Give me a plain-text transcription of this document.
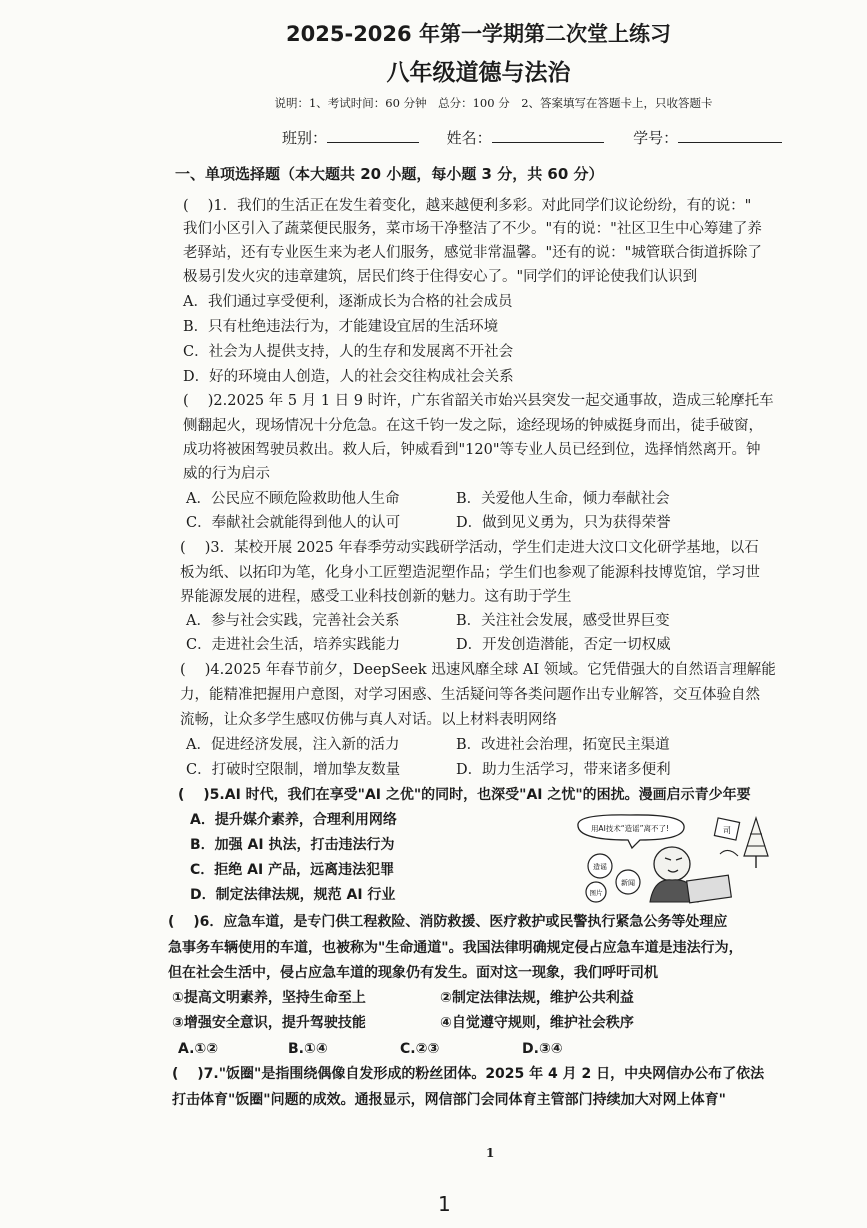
2025-2026 年第一学期第二次堂上练习
八年级道德与法治
说明：1、考试时间：60 分钟　总分：100 分　2、答案填写在答题卡上，只收答题卡
班别：	姓名：	学号：
一、单项选择题（本大题共 20 小题，每小题 3 分，共 60 分）
(　 )1．我们的生活正在发生着变化，越来越便利多彩。对此同学们议论纷纷，有的说："
我们小区引入了蔬菜便民服务，菜市场干净整洁了不少。"有的说："社区卫生中心筹建了养
老驿站，还有专业医生来为老人们服务，感觉非常温馨。"还有的说："城管联合街道拆除了
极易引发火灾的违章建筑，居民们终于住得安心了。"同学们的评论使我们认识到
A．我们通过享受便利，逐渐成长为合格的社会成员
B．只有杜绝违法行为，才能建设宜居的生活环境
C．社会为人提供支持，人的生存和发展离不开社会
D．好的环境由人创造，人的社会交往构成社会关系
(　 )2.2025 年 5 月 1 日 9 时许，广东省韶关市始兴县突发一起交通事故，造成三轮摩托车
侧翻起火，现场情况十分危急。在这千钧一发之际，途经现场的钟威挺身而出，徒手破窗，
成功将被困驾驶员救出。救人后，钟威看到"120"等专业人员已经到位，选择悄然离开。钟
威的行为启示
A．公民应不顾危险救助他人生命	B．关爱他人生命，倾力奉献社会
C．奉献社会就能得到他人的认可	D．做到见义勇为，只为获得荣誉
(　 )3．某校开展 2025 年春季劳动实践研学活动，学生们走进大汶口文化研学基地，以石
板为纸、以拓印为笔，化身小工匠塑造泥塑作品；学生们也参观了能源科技博览馆，学习世
界能源发展的进程，感受工业科技创新的魅力。这有助于学生
A．参与社会实践，完善社会关系	B．关注社会发展，感受世界巨变
C．走进社会生活，培养实践能力	D．开发创造潜能，否定一切权威
(　 )4.2025 年春节前夕，DeepSeek 迅速风靡全球 AI 领域。它凭借强大的自然语言理解能
力，能精准把握用户意图，对学习困惑、生活疑问等各类问题作出专业解答，交互体验自然
流畅，让众多学生感叹仿佛与真人对话。以上材料表明网络
A．促进经济发展，注入新的活力	B．改进社会治理，拓宽民主渠道
C．打破时空限制，增加挚友数量	D．助力生活学习，带来诸多便利
(　 )5.AI 时代，我们在享受"AI 之优"的同时，也深受"AI 之忧"的困扰。漫画启示青少年要
A．提升媒介素养，合理利用网络
B．加强 AI 执法，打击违法行为
C．拒绝 AI 产品，远离违法犯罪
D．制定法律法规，规范 AI 行业
用AI技术“造谣”离不了!
造谣
新闻
图片
司
(　 )6．应急车道，是专门供工程救险、消防救援、医疗救护或民警执行紧急公务等处理应
急事务车辆使用的车道，也被称为"生命通道"。我国法律明确规定侵占应急车道是违法行为，
但在社会生活中，侵占应急车道的现象仍有发生。面对这一现象，我们呼吁司机
①提高文明素养，坚持生命至上	②制定法律法规，维护公共利益
③增强安全意识，提升驾驶技能	④自觉遵守规则，维护社会秩序
A.①②	B.①④	C.②③	D.③④
(　 )7."饭圈"是指围绕偶像自发形成的粉丝团体。2025 年 4 月 2 日，中央网信办公布了依法
打击体育"饭圈"问题的成效。通报显示，网信部门会同体育主管部门持续加大对网上体育"
1
1
